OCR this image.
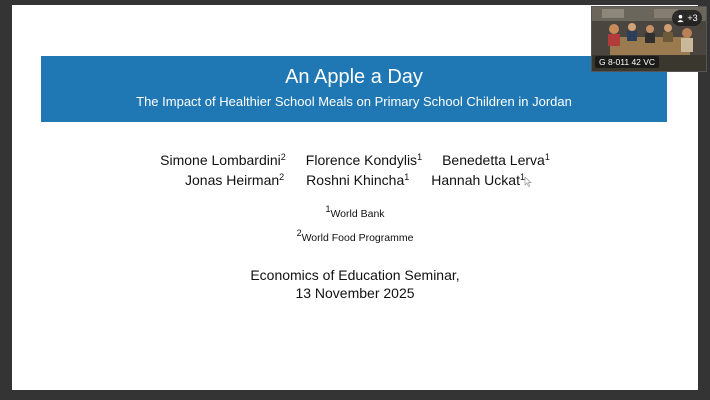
An Apple a Day
The Impact of Healthier School Meals on Primary School Children in Jordan
Simone Lombardini$^2$ Florence Kondylis$^1$ Benedetta Lerva$^1$
Jonas Heirman$^2$ Roshni Khincha$^1$ Hannah Uckat$^1$
$^1$World Bank
$^2$World Food Programme
Economics of Education Seminar,
13 November 2025
+3
G 8-011 42 VC
